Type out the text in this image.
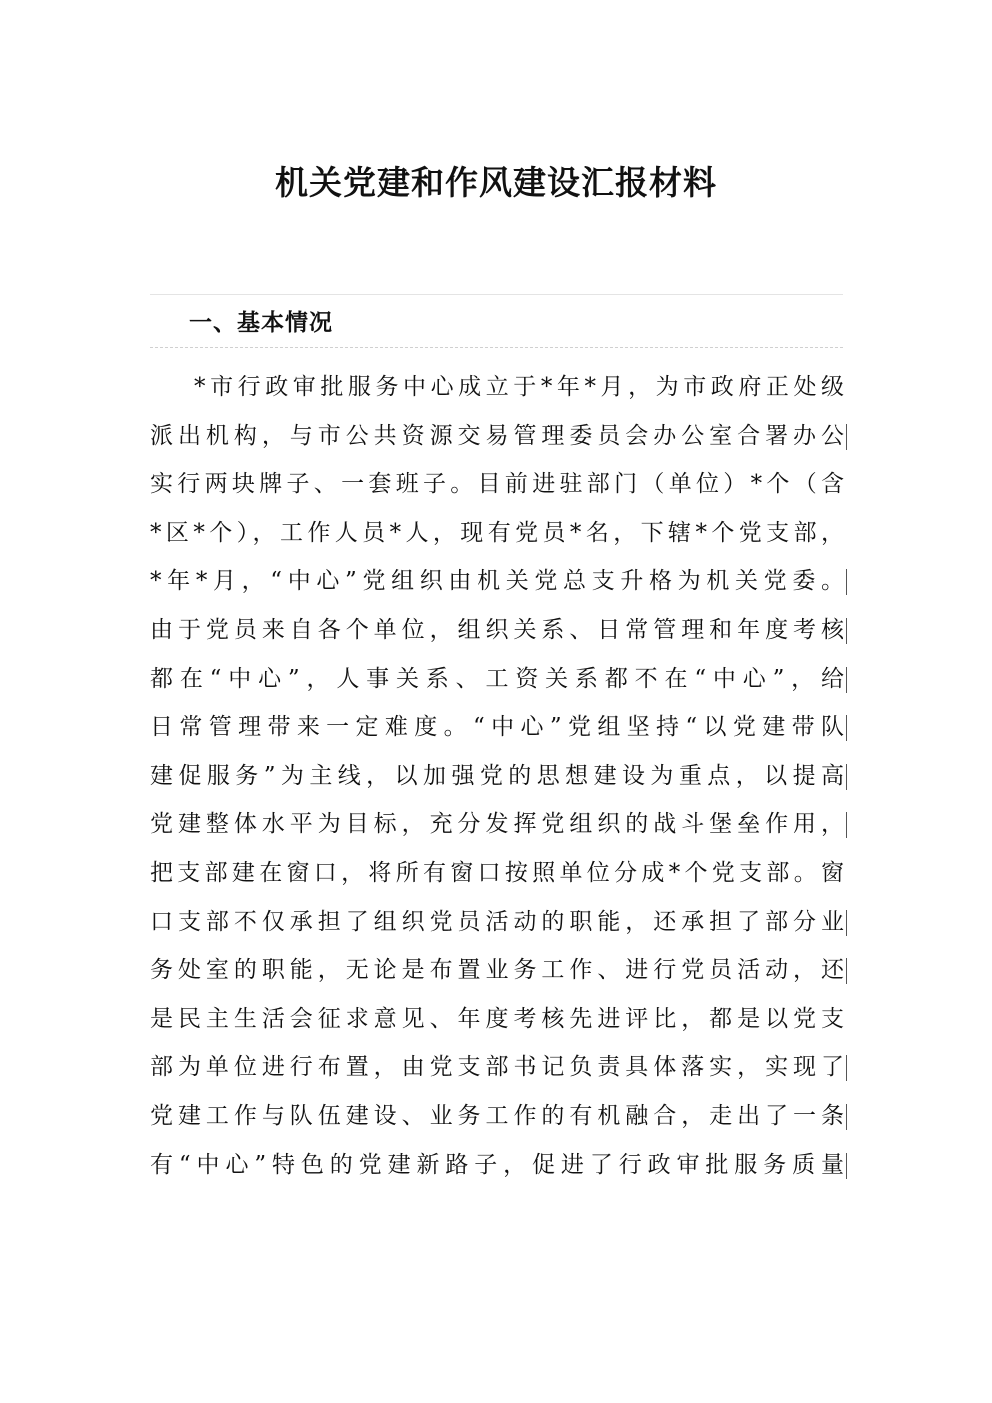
机关党建和作风建设汇报材料
一、基本情况
*市行政审批服务中心成立于*年*月，为市政府正处级
派出机构，与市公共资源交易管理委员会办公室合署办公
实行两块牌子、一套班子。目前进驻部门（单位）*个（含
*区*个），工作人员*人，现有党员*名，下辖*个党支部，
*年*月，“中心”党组织由机关党总支升格为机关党委。
由于党员来自各个单位，组织关系、日常管理和年度考核
都在“中心”，人事关系、工资关系都不在“中心”，给
日常管理带来一定难度。“中心”党组坚持“以党建带队
建促服务”为主线，以加强党的思想建设为重点，以提高
党建整体水平为目标，充分发挥党组织的战斗堡垒作用，
把支部建在窗口，将所有窗口按照单位分成*个党支部。窗
口支部不仅承担了组织党员活动的职能，还承担了部分业
务处室的职能，无论是布置业务工作、进行党员活动，还
是民主生活会征求意见、年度考核先进评比，都是以党支
部为单位进行布置，由党支部书记负责具体落实，实现了
党建工作与队伍建设、业务工作的有机融合，走出了一条
有“中心”特色的党建新路子，促进了行政审批服务质量
